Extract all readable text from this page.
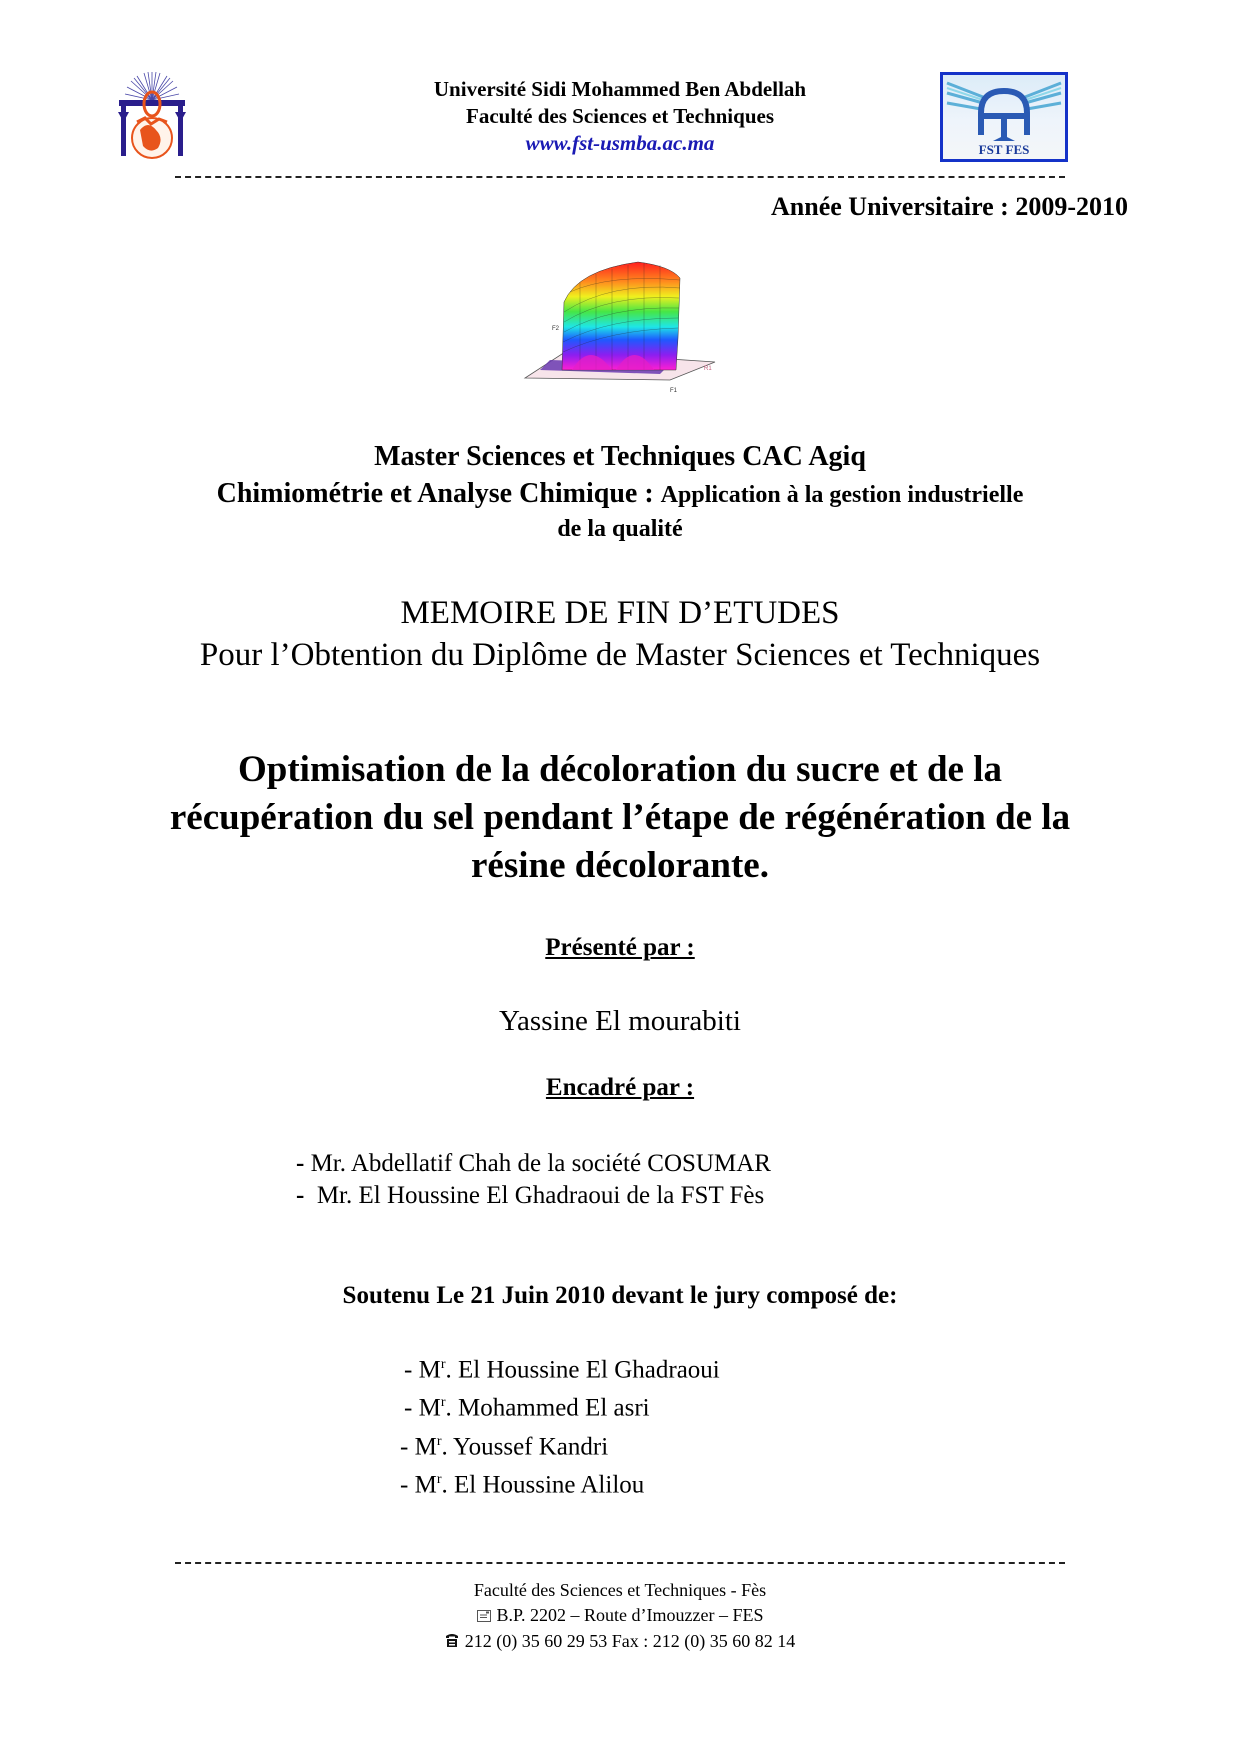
Université Sidi Mohammed Ben Abdellah
Faculté des Sciences et Techniques
www.fst-usmba.ac.ma	FST FES
Année Universitaire : 2009-2010
F2
F1
R1
Master Sciences et Techniques CAC Agiq
Chimiométrie et Analyse Chimique : Application à la gestion industrielle
de la qualité
MEMOIRE DE FIN D’ETUDES
Pour l’Obtention du Diplôme de Master Sciences et Techniques
Optimisation de la décoloration du sucre et de la
récupération du sel pendant l’étape de régénération de la
résine décolorante.
Présenté par :
Yassine El mourabiti
Encadré par :
- Mr. Abdellatif Chah de la société COSUMAR
- Mr. El Houssine El Ghadraoui de la FST Fès
Soutenu Le 21 Juin 2010 devant le jury composé de:
- $M^r$. El Houssine El Ghadraoui
- $M^r$. Mohammed El asri
- $M^r$. Youssef Kandri
- $M^r$. El Houssine Alilou
Faculté des Sciences et Techniques - Fès
B.P. 2202 – Route d’Imouzzer – FES
212 (0) 35 60 29 53 Fax : 212 (0) 35 60 82 14
